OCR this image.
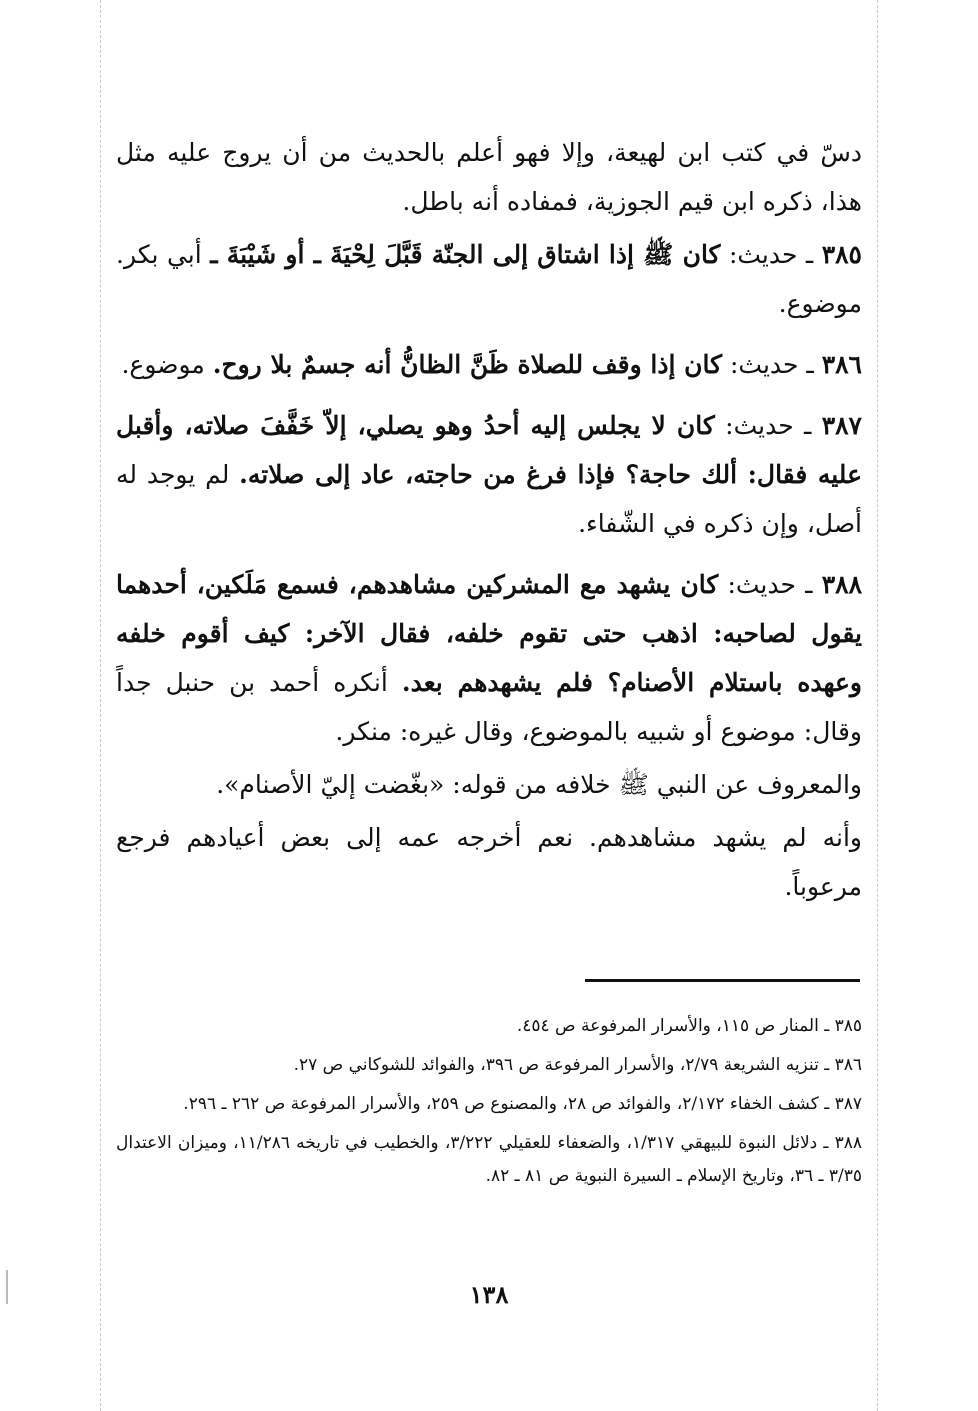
دسّ في كتب ابن لهيعة، وإلا فهو أعلم بالحديث من أن يروج عليه مثل هذا، ذكره ابن قيم الجوزية، فمفاده أنه باطل.

٣٨٥ ـ حديث: كان ﷺ إذا اشتاق إلى الجنّة قَبَّلَ لِحْيَةَ ـ أو شَيْبَةَ ـ أبي بكر. موضوع.

٣٨٦ ـ حديث: كان إذا وقف للصلاة ظَنَّ الظانُّ أنه جسمٌ بلا روح. موضوع.

٣٨٧ ـ حديث: كان لا يجلس إليه أحدُ وهو يصلي، إلاّ خَفَّفَ صلاته، وأقبل عليه فقال: ألك حاجة؟ فإذا فرغ من حاجته، عاد إلى صلاته. لم يوجد له أصل، وإن ذكره في الشّفاء.

٣٨٨ ـ حديث: كان يشهد مع المشركين مشاهدهم، فسمع مَلَكين، أحدهما يقول لصاحبه: اذهب حتى تقوم خلفه، فقال الآخر: كيف أقوم خلفه وعهده باستلام الأصنام؟ فلم يشهدهم بعد. أنكره أحمد بن حنبل جداً وقال: موضوع أو شبيه بالموضوع، وقال غيره: منكر.

والمعروف عن النبي ﷺ خلافه من قوله: «بغّضت إليّ الأصنام».

وأنه لم يشهد مشاهدهم. نعم أخرجه عمه إلى بعض أعيادهم فرجع مرعوباً.

٣٨٥ ـ المنار ص ١١٥، والأسرار المرفوعة ص ٤٥٤.

٣٨٦ ـ تنزيه الشريعة ٢/٧٩، والأسرار المرفوعة ص ٣٩٦، والفوائد للشوكاني ص ٢٧.

٣٨٧ ـ كشف الخفاء ٢/١٧٢، والفوائد ص ٢٨، والمصنوع ص ٢٥٩، والأسرار المرفوعة ص ٢٦٢ ـ ٢٩٦.

٣٨٨ ـ دلائل النبوة للبيهقي ١/٣١٧، والضعفاء للعقيلي ٣/٢٢٢، والخطيب في تاريخه ١١/٢٨٦، وميزان الاعتدال ٣/٣٥ ـ ٣٦، وتاريخ الإسلام ـ السيرة النبوية ص ٨١ ـ ٨٢.

١٣٨
